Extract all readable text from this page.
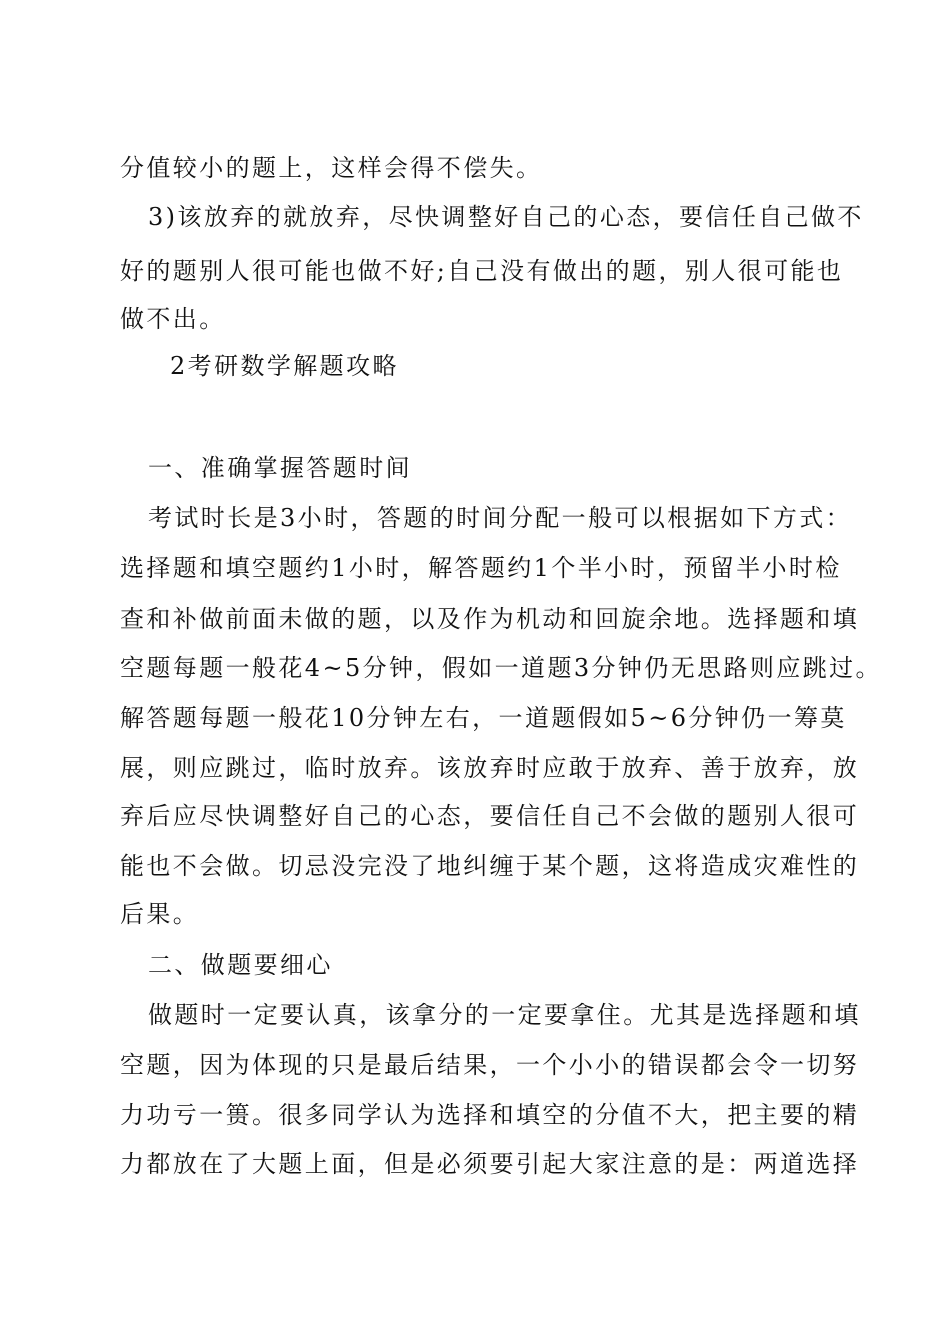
分值较小的题上，这样会得不偿失。
3)该放弃的就放弃，尽快调整好自己的心态，要信任自己做不
好的题别人很可能也做不好;自己没有做出的题，别人很可能也
做不出。
2考研数学解题攻略
一、准确掌握答题时间
考试时长是3小时，答题的时间分配一般可以根据如下方式：
选择题和填空题约1小时，解答题约1个半小时，预留半小时检
查和补做前面未做的题，以及作为机动和回旋余地。选择题和填
空题每题一般花4~5分钟，假如一道题3分钟仍无思路则应跳过。
解答题每题一般花10分钟左右，一道题假如5~6分钟仍一筹莫
展，则应跳过，临时放弃。该放弃时应敢于放弃、善于放弃，放
弃后应尽快调整好自己的心态，要信任自己不会做的题别人很可
能也不会做。切忌没完没了地纠缠于某个题，这将造成灾难性的
后果。
二、做题要细心
做题时一定要认真，该拿分的一定要拿住。尤其是选择题和填
空题，因为体现的只是最后结果，一个小小的错误都会令一切努
力功亏一篑。很多同学认为选择和填空的分值不大，把主要的精
力都放在了大题上面，但是必须要引起大家注意的是：两道选择
